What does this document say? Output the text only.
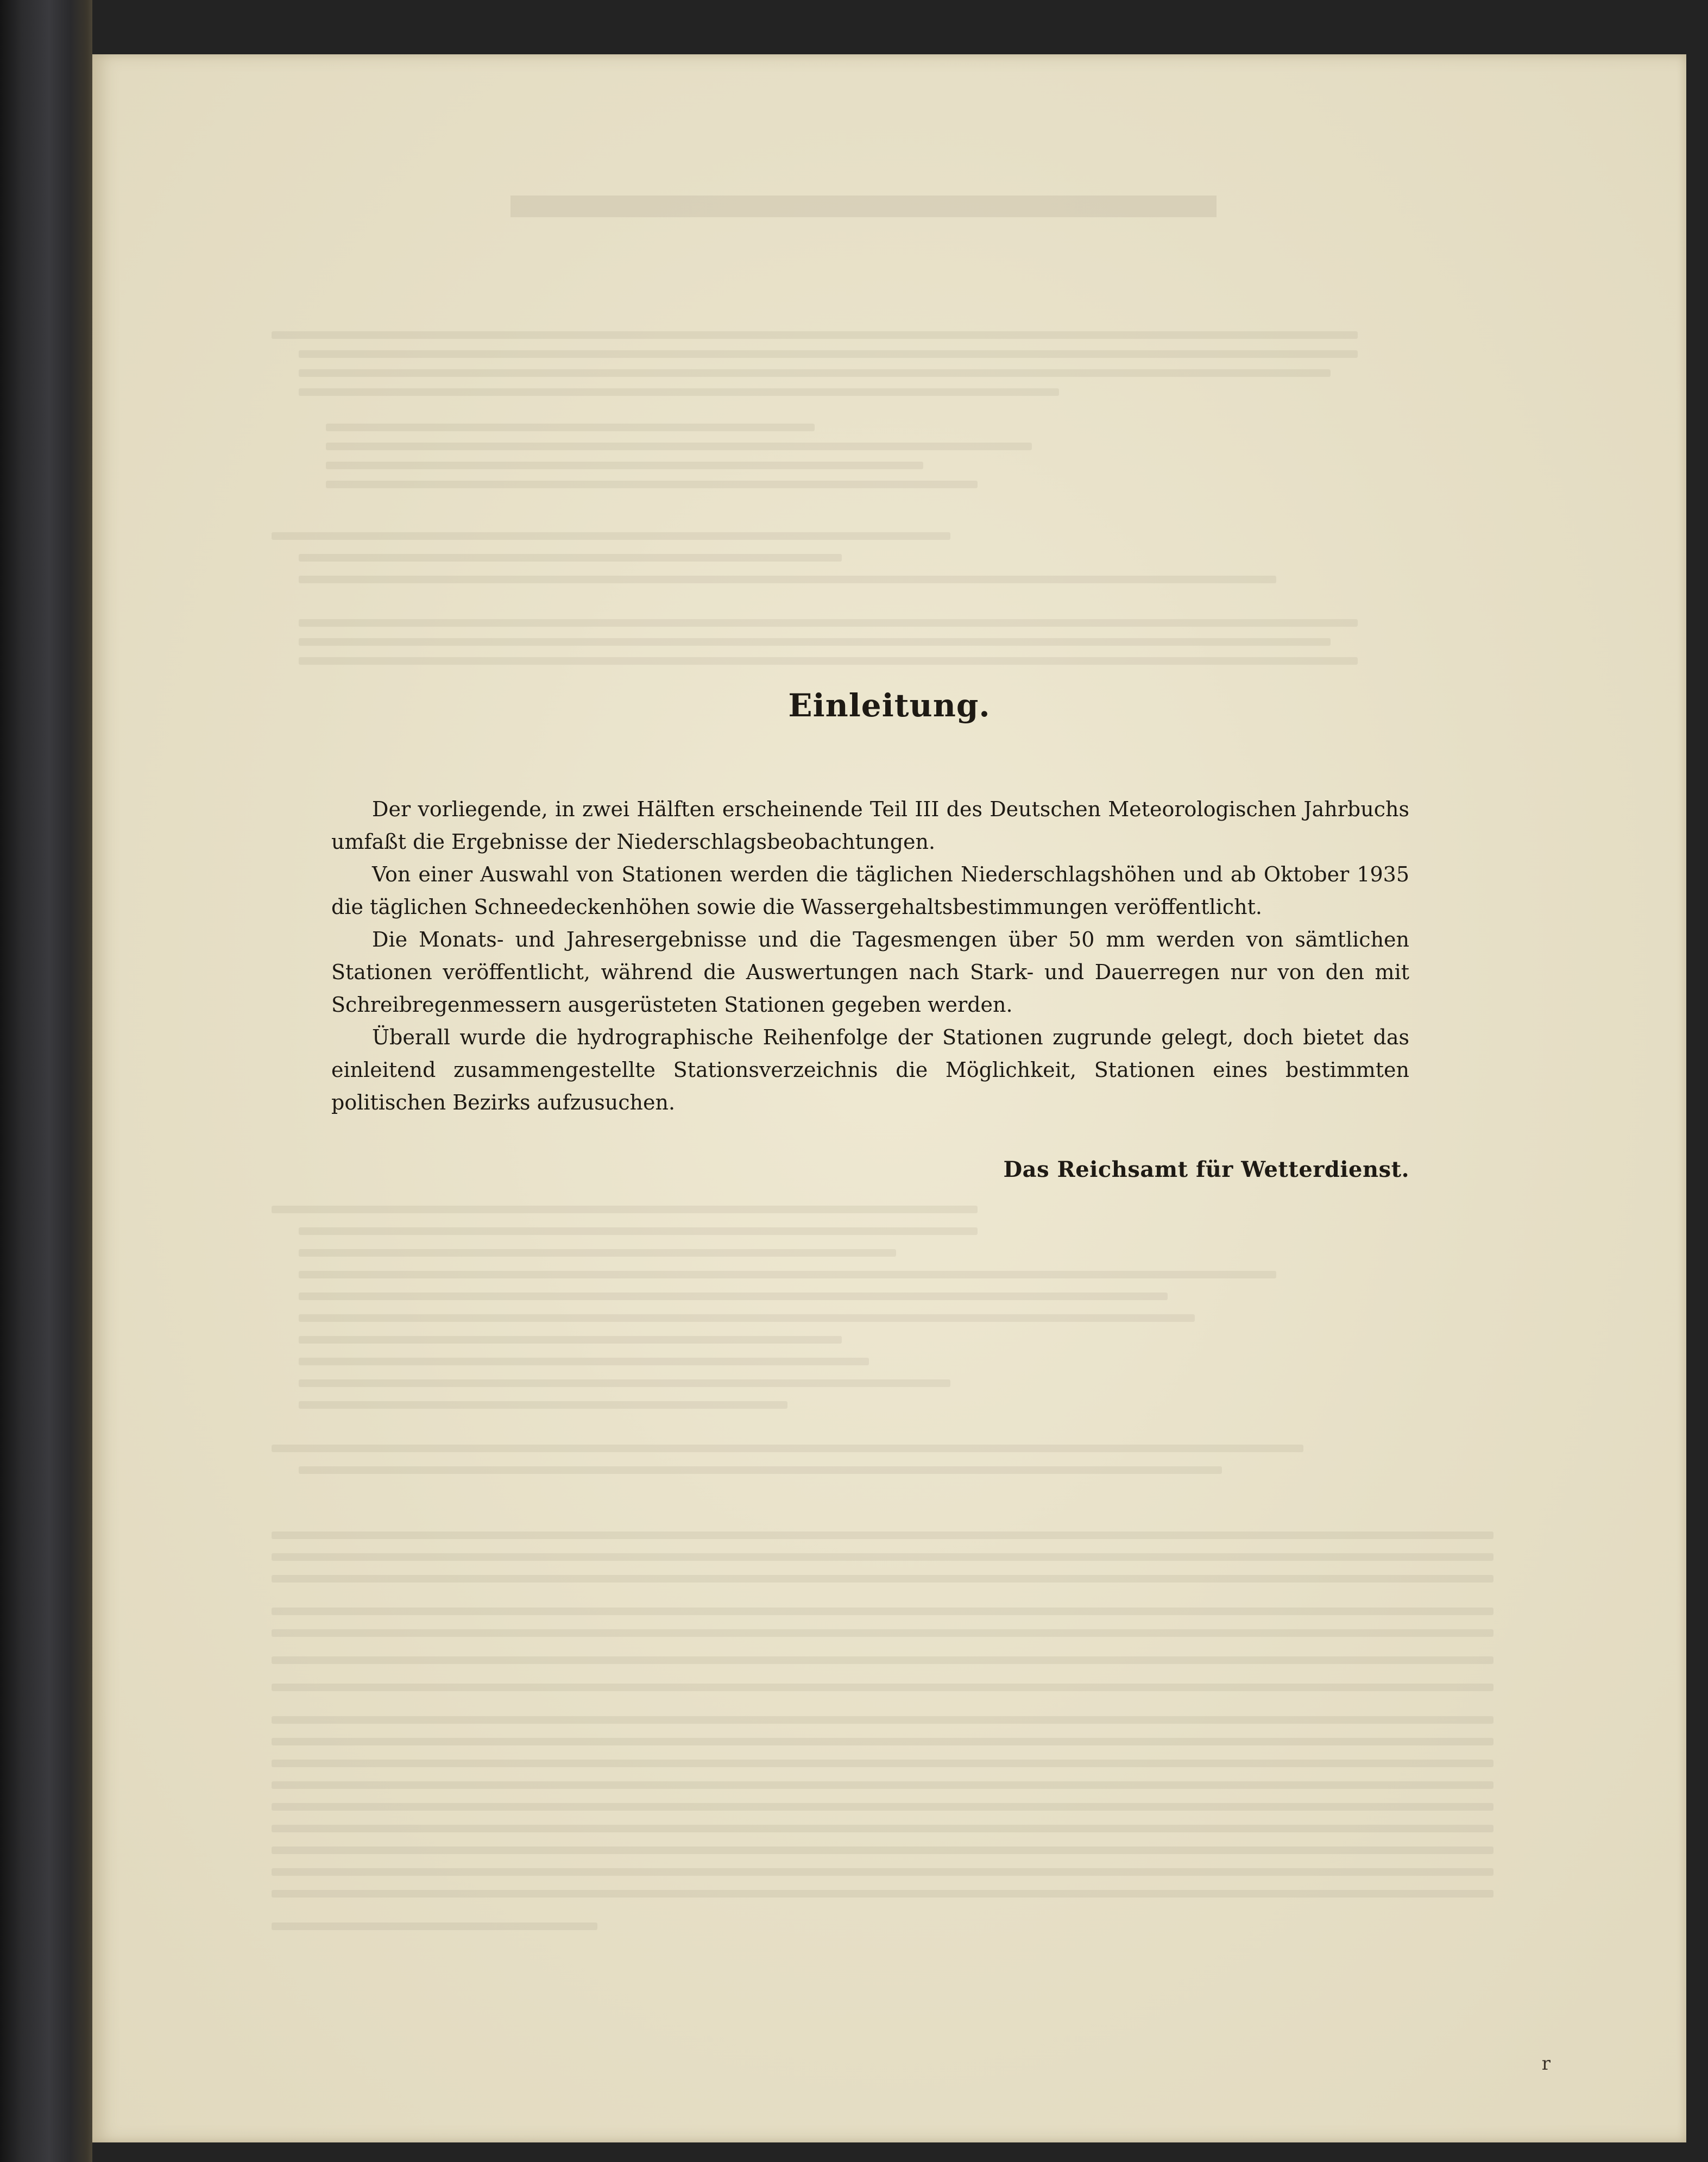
Einleitung.

Der vorliegende, in zwei Hälften erscheinende Teil III des Deutschen Meteorologischen Jahrbuchs umfaßt die Ergebnisse der Niederschlagsbeobachtungen.

Von einer Auswahl von Stationen werden die täglichen Niederschlagshöhen und ab Oktober 1935 die täglichen Schneedeckenhöhen sowie die Wassergehaltsbestimmungen veröffentlicht.

Die Monats- und Jahresergebnisse und die Tagesmengen über 50 mm werden von sämtlichen Stationen veröffentlicht, während die Auswertungen nach Stark- und Dauerregen nur von den mit Schreibregenmessern ausgerüsteten Stationen gegeben werden.

Überall wurde die hydrographische Reihenfolge der Stationen zugrunde gelegt, doch bietet das einleitend zusammengestellte Stationsverzeichnis die Möglichkeit, Stationen eines bestimmten politischen Bezirks aufzusuchen.

Das Reichsamt für Wetterdienst.
r
